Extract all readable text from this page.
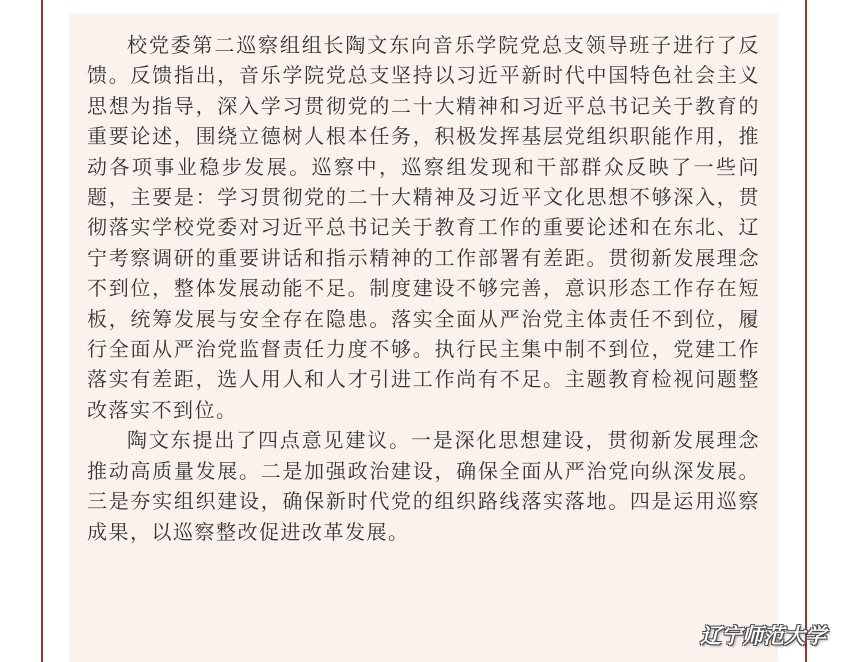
校党委第二巡察组组长陶文东向音乐学院党总支领导班子进行了反馈。反馈指出，音乐学院党总支坚持以习近平新时代中国特色社会主义思想为指导，深入学习贯彻党的二十大精神和习近平总书记关于教育的重要论述，围绕立德树人根本任务，积极发挥基层党组织职能作用，推动各项事业稳步发展。巡察中，巡察组发现和干部群众反映了一些问题，主要是：学习贯彻党的二十大精神及习近平文化思想不够深入，贯彻落实学校党委对习近平总书记关于教育工作的重要论述和在东北、辽宁考察调研的重要讲话和指示精神的工作部署有差距。贯彻新发展理念不到位，整体发展动能不足。制度建设不够完善，意识形态工作存在短板，统筹发展与安全存在隐患。落实全面从严治党主体责任不到位，履行全面从严治党监督责任力度不够。执行民主集中制不到位，党建工作落实有差距，选人用人和人才引进工作尚有不足。主题教育检视问题整改落实不到位。

陶文东提出了四点意见建议。一是深化思想建设，贯彻新发展理念推动高质量发展。二是加强政治建设，确保全面从严治党向纵深发展。三是夯实组织建设，确保新时代党的组织路线落实落地。四是运用巡察成果，以巡察整改促进改革发展。

辽宁师范大学
